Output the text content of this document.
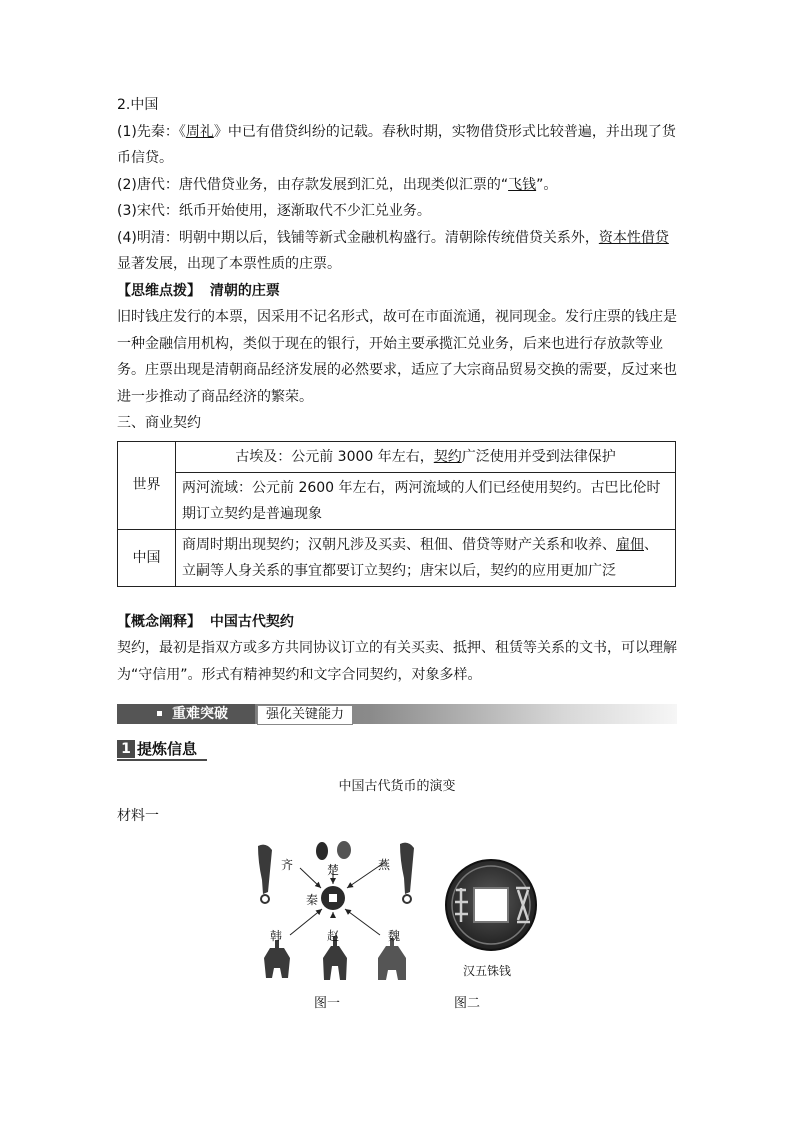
2.中国

(1)先秦：《周礼》中已有借贷纠纷的记载。春秋时期，实物借贷形式比较普遍，并出现了货币信贷。

(2)唐代：唐代借贷业务，由存款发展到汇兑，出现类似汇票的“飞钱”。

(3)宋代：纸币开始使用，逐渐取代不少汇兑业务。

(4)明清：明朝中期以后，钱铺等新式金融机构盛行。清朝除传统借贷关系外，资本性借贷显著发展，出现了本票性质的庄票。

【思维点拨】 清朝的庄票

旧时钱庄发行的本票，因采用不记名形式，故可在市面流通，视同现金。发行庄票的钱庄是一种金融信用机构，类似于现在的银行，开始主要承揽汇兑业务，后来也进行存放款等业务。庄票出现是清朝商品经济发展的必然要求，适应了大宗商品贸易交换的需要，反过来也进一步推动了商品经济的繁荣。

三、商业契约

世界	古埃及：公元前 3000 年左右，契约广泛使用并受到法律保护
	两河流域：公元前 2600 年左右，两河流域的人们已经使用契约。古巴比伦时期订立契约是普遍现象
中国	商周时期出现契约；汉朝凡涉及买卖、租佃、借贷等财产关系和收养、雇佃、立嗣等人身关系的事宜都要订立契约；唐宋以后，契约的应用更加广泛

【概念阐释】 中国古代契约

契约，最初是指双方或多方共同协议订立的有关买卖、抵押、租赁等关系的文书，可以理解为“守信用”。形式有精神契约和文字合同契约，对象多样。

重难突破	强化关键能力
1 提炼信息
中国古代货币的演变
材料一
齐	楚	燕
秦
韩	赵	魏
汉五铢钱
图一	图二
